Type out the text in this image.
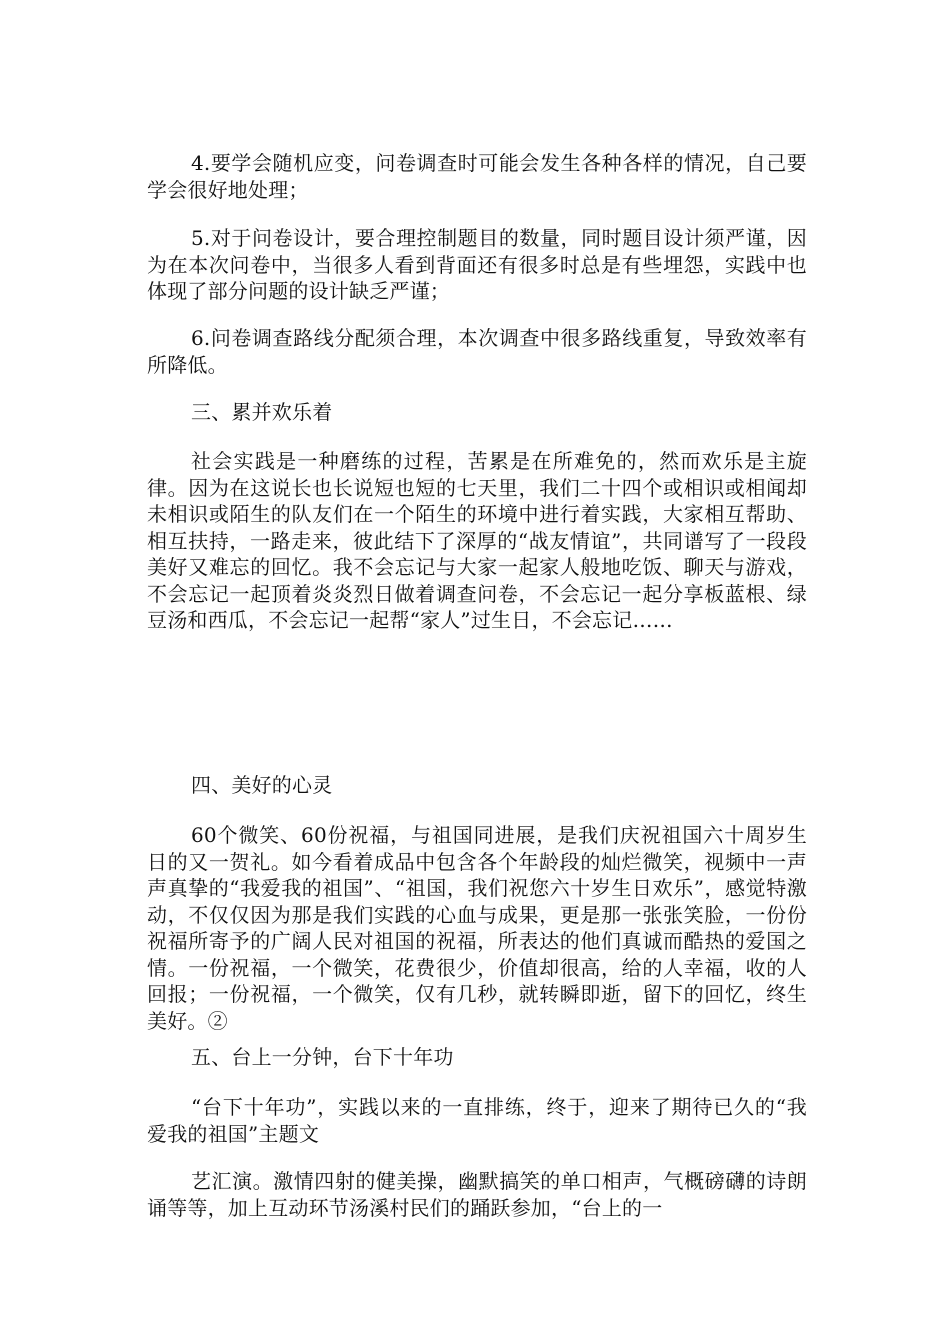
4.要学会随机应变，问卷调查时可能会发生各种各样的情况，自己要学会很好地处理；

5.对于问卷设计，要合理控制题目的数量，同时题目设计须严谨，因为在本次问卷中，当很多人看到背面还有很多时总是有些埋怨，实践中也体现了部分问题的设计缺乏严谨；

6.问卷调查路线分配须合理，本次调查中很多路线重复，导致效率有所降低。

三、累并欢乐着

社会实践是一种磨练的过程，苦累是在所难免的，然而欢乐是主旋律。因为在这说长也长说短也短的七天里，我们二十四个或相识或相闻却未相识或陌生的队友们在一个陌生的环境中进行着实践，大家相互帮助、相互扶持，一路走来，彼此结下了深厚的“战友情谊”，共同谱写了一段段美好又难忘的回忆。我不会忘记与大家一起家人般地吃饭、聊天与游戏，不会忘记一起顶着炎炎烈日做着调查问卷，不会忘记一起分享板蓝根、绿豆汤和西瓜，不会忘记一起帮“家人”过生日，不会忘记……

四、美好的心灵

60个微笑、60份祝福，与祖国同进展，是我们庆祝祖国六十周岁生日的又一贺礼。如今看着成品中包含各个年龄段的灿烂微笑，视频中一声声真挚的“我爱我的祖国”、“祖国，我们祝您六十岁生日欢乐”，感觉特激动，不仅仅因为那是我们实践的心血与成果，更是那一张张笑脸，一份份祝福所寄予的广阔人民对祖国的祝福，所表达的他们真诚而酷热的爱国之情。一份祝福，一个微笑，花费很少，价值却很高，给的人幸福，收的人回报；一份祝福，一个微笑，仅有几秒，就转瞬即逝，留下的回忆，终生美好。②

五、台上一分钟，台下十年功

“台下十年功”，实践以来的一直排练，终于，迎来了期待已久的“我爱我的祖国”主题文

艺汇演。激情四射的健美操，幽默搞笑的单口相声，气概磅礴的诗朗诵等等，加上互动环节汤溪村民们的踊跃参加，“台上的一
